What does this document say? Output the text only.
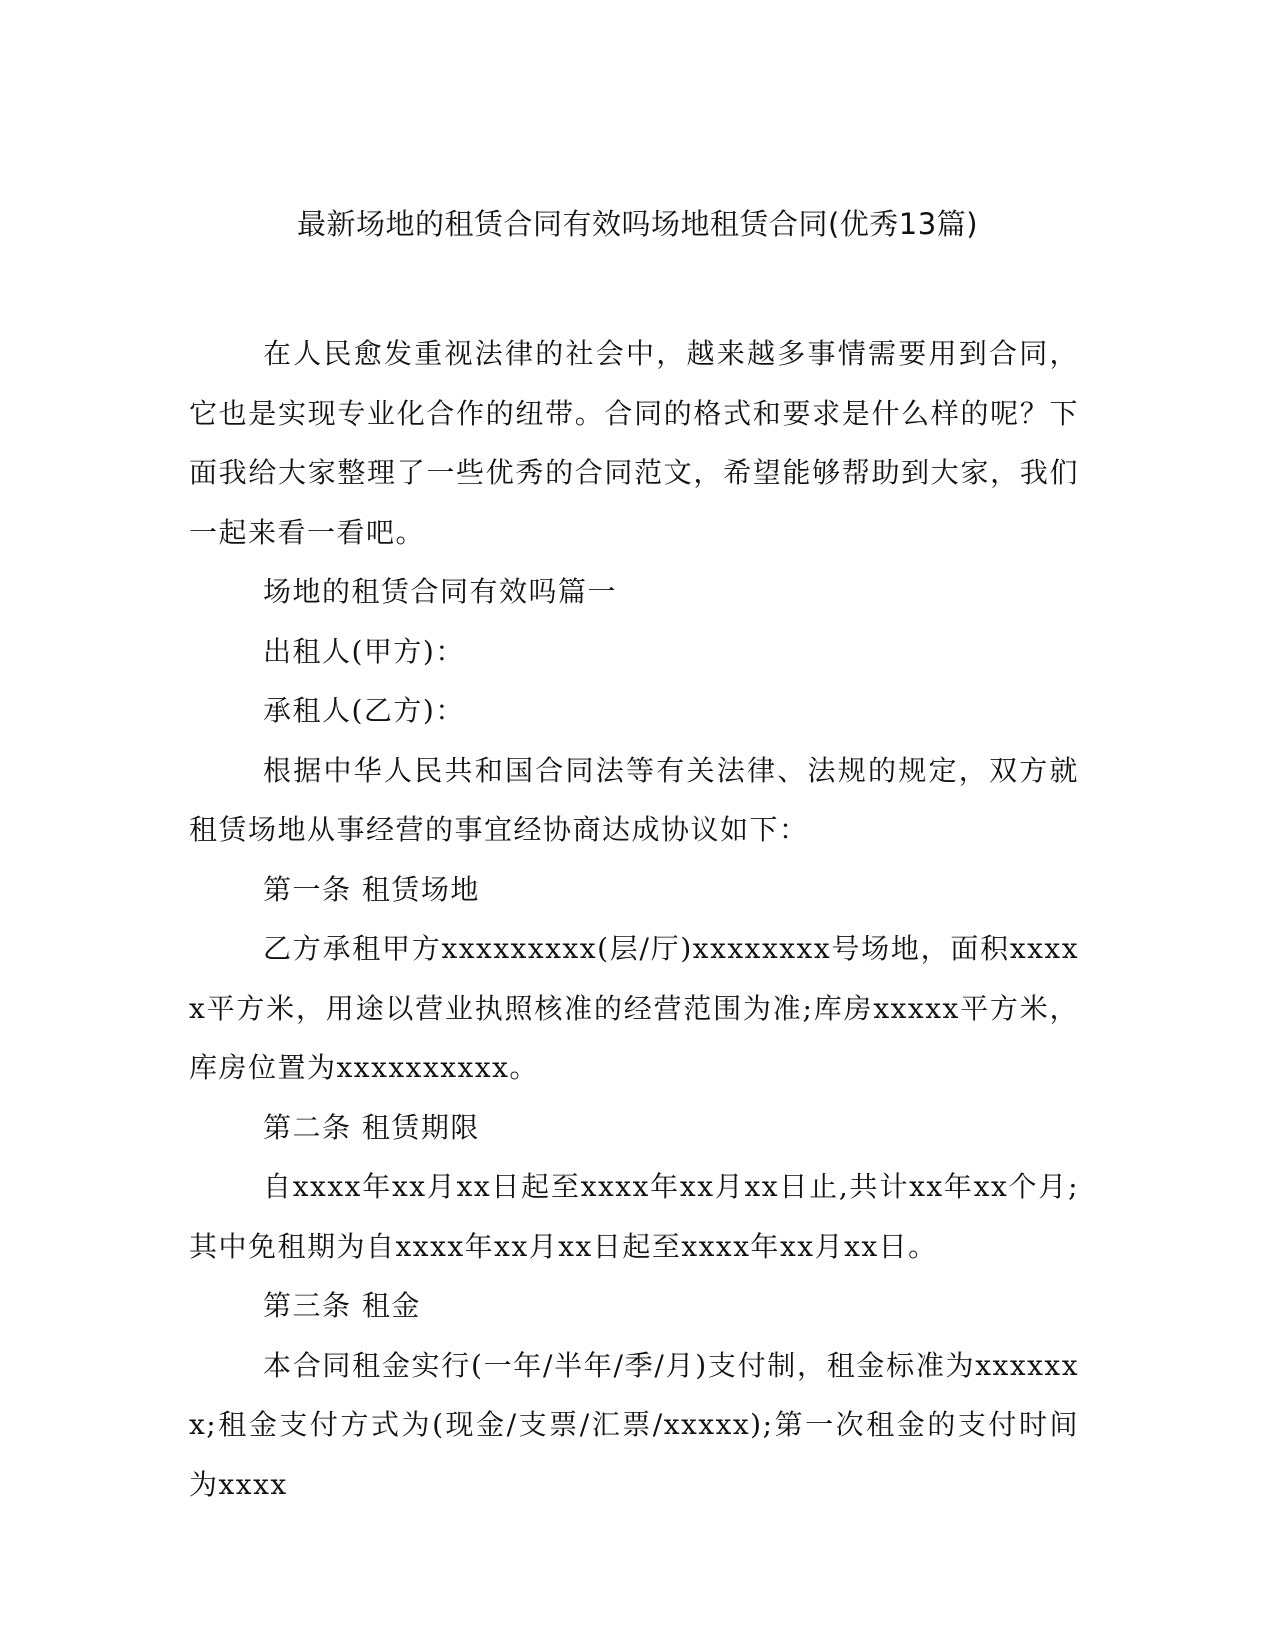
最新场地的租赁合同有效吗场地租赁合同(优秀13篇)

在人民愈发重视法律的社会中，越来越多事情需要用到合同，它也是实现专业化合作的纽带。合同的格式和要求是什么样的呢？下面我给大家整理了一些优秀的合同范文，希望能够帮助到大家，我们一起来看一看吧。

场地的租赁合同有效吗篇一

出租人(甲方)：

承租人(乙方)：

根据中华人民共和国合同法等有关法律、法规的规定，双方就租赁场地从事经营的事宜经协商达成协议如下：

第一条 租赁场地

乙方承租甲方xxxxxxxxx(层/厅)xxxxxxxx号场地，面积xxxxx平方米，用途以营业执照核准的经营范围为准;库房xxxxx平方米，库房位置为xxxxxxxxxx。

第二条 租赁期限

自xxxx年xx月xx日起至xxxx年xx月xx日止,共计xx年xx个月;其中免租期为自xxxx年xx月xx日起至xxxx年xx月xx日。

第三条 租金

本合同租金实行(一年/半年/季/月)支付制，租金标准为xxxxxxx;租金支付方式为(现金/支票/汇票/xxxxx);第一次租金的支付时间为xxxx
